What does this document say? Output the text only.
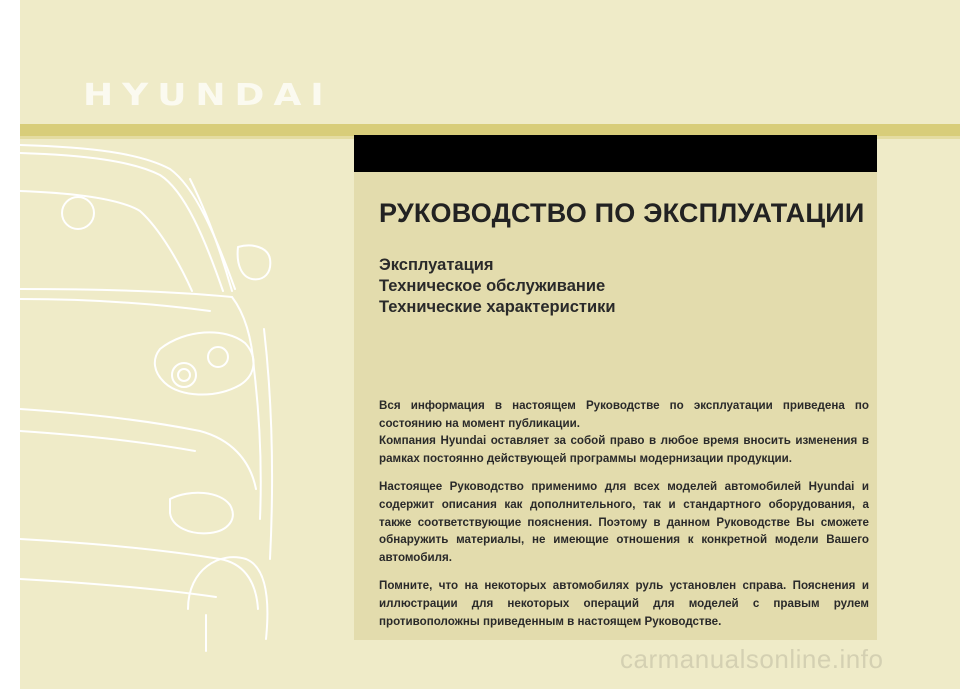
HYUNDAI
РУКОВОДСТВО ПО ЭКСПЛУАТАЦИИ
Эксплуатация
Техническое обслуживание
Технические характеристики

Вся информация в настоящем Руководстве по эксплуатации приведена по состоянию на момент публикации.
Компания Hyundai оставляет за собой право в любое время вносить изменения в рамках постоянно действующей программы модернизации продукции.

Настоящее Руководство применимо для всех моделей автомобилей Hyundai и содержит описания как дополнительного, так и стандартного оборудования, а также соответствующие пояснения. Поэтому в данном Руководстве Вы сможете обнаружить материалы, не имеющие отношения к конкретной модели Вашего автомобиля.

Помните, что на некоторых автомобилях руль установлен справа. Пояснения и иллюстрации для некоторых операций для моделей с правым рулем противоположны приведенным в настоящем Руководстве.

carmanualsonline.info
